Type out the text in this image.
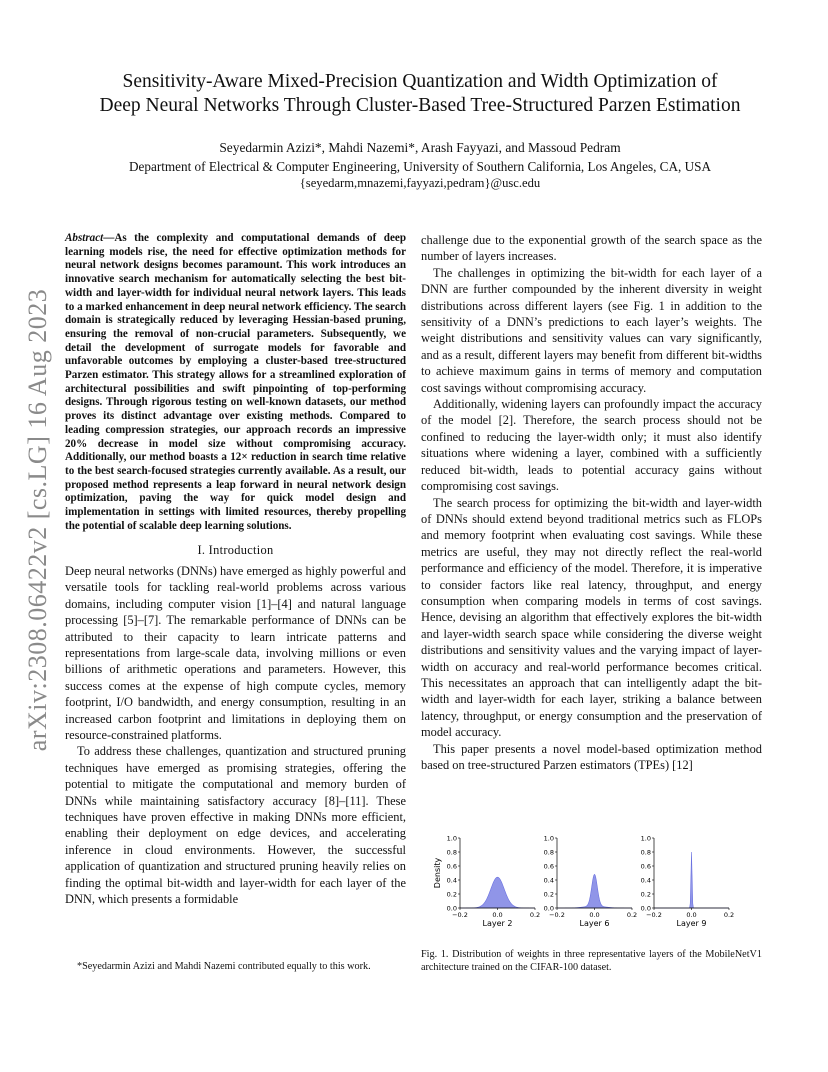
arXiv:2308.06422v2 [cs.LG] 16 Aug 2023
Sensitivity-Aware Mixed-Precision Quantization and Width Optimization of
Deep Neural Networks Through Cluster-Based Tree-Structured Parzen Estimation
Seyedarmin Azizi*, Mahdi Nazemi*, Arash Fayyazi, and Massoud Pedram
Department of Electrical & Computer Engineering, University of Southern California, Los Angeles, CA, USA
{seyedarm,mnazemi,fayyazi,pedram}@usc.edu
Abstract—As the complexity and computational demands of deep learning models rise, the need for effective optimization methods for neural network designs becomes paramount. This work introduces an innovative search mechanism for automatically selecting the best bit-width and layer-width for individual neural network layers. This leads to a marked enhancement in deep neural network efficiency. The search domain is strategically reduced by leveraging Hessian-based pruning, ensuring the removal of non-crucial parameters. Subsequently, we detail the development of surrogate models for favorable and unfavorable outcomes by employing a cluster-based tree-structured Parzen estimator. This strategy allows for a streamlined exploration of architectural possibilities and swift pinpointing of top-performing designs. Through rigorous testing on well-known datasets, our method proves its distinct advantage over existing methods. Compared to leading compression strategies, our approach records an impressive 20% decrease in model size without compromising accuracy. Additionally, our method boasts a 12× reduction in search time relative to the best search-focused strategies currently available. As a result, our proposed method represents a leap forward in neural network design optimization, paving the way for quick model design and implementation in settings with limited resources, thereby propelling the potential of scalable deep learning solutions.
I. Introduction

Deep neural networks (DNNs) have emerged as highly powerful and versatile tools for tackling real-world problems across various domains, including computer vision [1]–[4] and natural language processing [5]–[7]. The remarkable performance of DNNs can be attributed to their capacity to learn intricate patterns and representations from large-scale data, involving millions or even billions of arithmetic operations and parameters. However, this success comes at the expense of high compute cycles, memory footprint, I/O bandwidth, and energy consumption, resulting in an increased carbon footprint and limitations in deploying them on resource-constrained platforms.

To address these challenges, quantization and structured pruning techniques have emerged as promising strategies, offering the potential to mitigate the computational and memory burden of DNNs while maintaining satisfactory accuracy [8]–[11]. These techniques have proven effective in making DNNs more efficient, enabling their deployment on edge devices, and accelerating inference in cloud environments. However, the successful application of quantization and structured pruning heavily relies on finding the optimal bit-width and layer-width for each layer of the DNN, which presents a formidable

challenge due to the exponential growth of the search space as the number of layers increases.

The challenges in optimizing the bit-width for each layer of a DNN are further compounded by the inherent diversity in weight distributions across different layers (see Fig. 1 in addition to the sensitivity of a DNN’s predictions to each layer’s weights. The weight distributions and sensitivity values can vary significantly, and as a result, different layers may benefit from different bit-widths to achieve maximum gains in terms of memory and computation cost savings without compromising accuracy.

Additionally, widening layers can profoundly impact the accuracy of the model [2]. Therefore, the search process should not be confined to reducing the layer-width only; it must also identify situations where widening a layer, combined with a sufficiently reduced bit-width, leads to potential accuracy gains without compromising cost savings.

The search process for optimizing the bit-width and layer-width of DNNs should extend beyond traditional metrics such as FLOPs and memory footprint when evaluating cost savings. While these metrics are useful, they may not directly reflect the real-world performance and efficiency of the model. Therefore, it is imperative to consider factors like real latency, throughput, and energy consumption when comparing models in terms of cost savings. Hence, devising an algorithm that effectively explores the bit-width and layer-width search space while considering the diverse weight distributions and sensitivity values and the varying impact of layer-width on accuracy and real-world performance becomes critical. This necessitates an approach that can intelligently adapt the bit-width and layer-width for each layer, striking a balance between latency, throughput, or energy consumption and the preservation of model accuracy.

This paper presents a novel model-based optimization method based on tree-structured Parzen estimators (TPEs) [12]

Density
0.0
0.2
0.4
0.6
0.8
1.0
−0.2	0.0	0.2
Layer 2
0.0
0.2
0.4
0.6
0.8
1.0
−0.2	0.0	0.2
Layer 6
0.0
0.2
0.4
0.6
0.8
1.0
−0.2	0.0	0.2
Layer 9
Fig. 1. Distribution of weights in three representative layers of the MobileNetV1 architecture trained on the CIFAR-100 dataset.
*Seyedarmin Azizi and Mahdi Nazemi contributed equally to this work.
